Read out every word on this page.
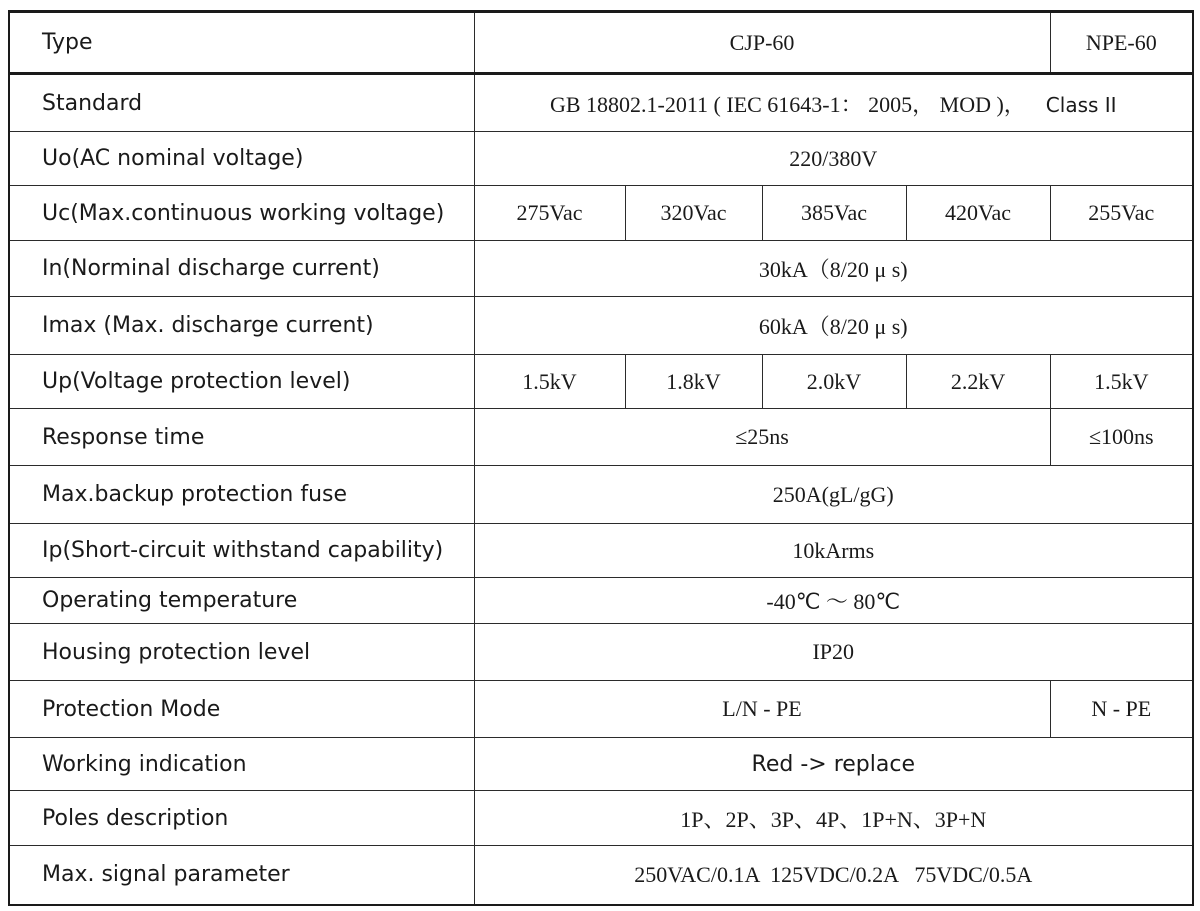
Type	CJP-60				NPE-60
Standard	GB 18802.1-2011 ( IEC 61643-1： 2005， MOD )， Class II				
Uo(AC nominal voltage)	220/380V				
Uc(Max.continuous working voltage)	275Vac	320Vac	385Vac	420Vac	255Vac
In(Norminal discharge current)	30kA（8/20 μ s)				
Imax (Max. discharge current)	60kA（8/20 μ s)				
Up(Voltage protection level)	1.5kV	1.8kV	2.0kV	2.2kV	1.5kV
Response time	≤25ns				≤100ns
Max.backup protection fuse	250A(gL/gG)				
Ip(Short-circuit withstand capability)	10kArms				
Operating temperature	-40℃ ～ 80℃				
Housing protection level	IP20				
Protection Mode	L/N - PE				N - PE
Working indication	Red -> replace				
Poles description	1P、2P、3P、4P、1P+N、3P+N				
Max. signal parameter	250VAC/0.1A  125VDC/0.2A   75VDC/0.5A				
